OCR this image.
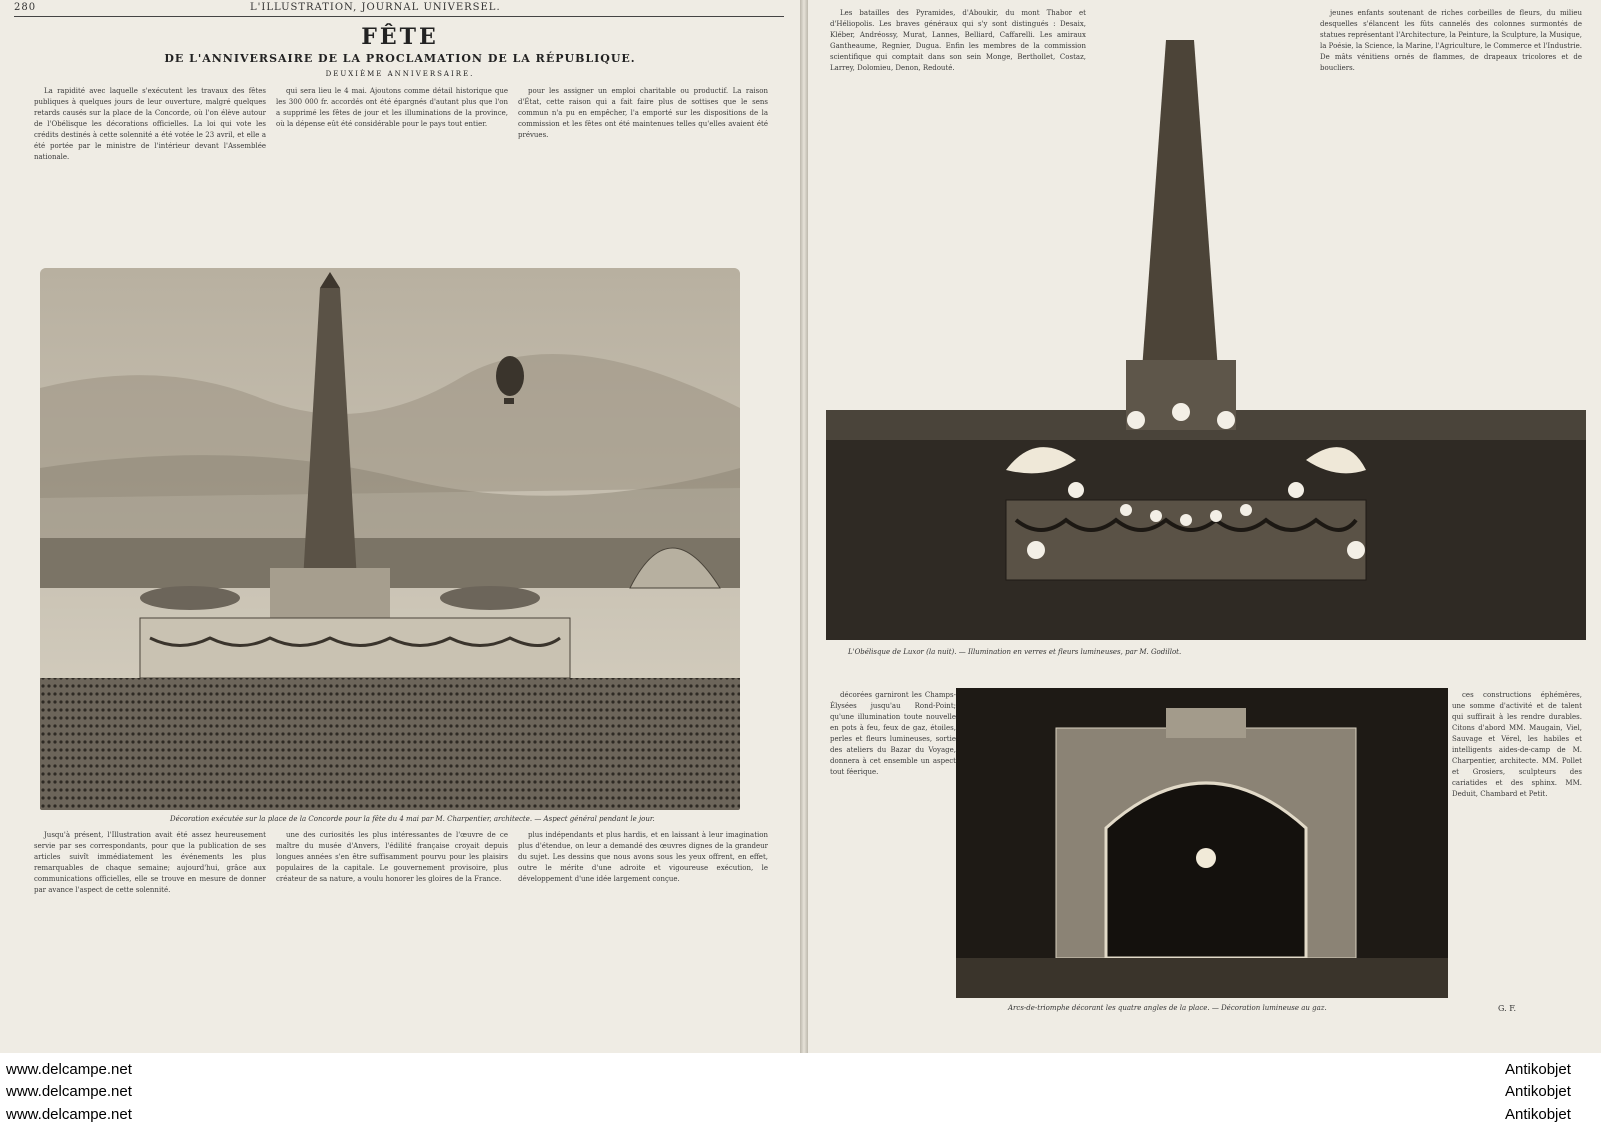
280	L'ILLUSTRATION, JOURNAL UNIVERSEL.
FÊTE
DE L'ANNIVERSAIRE DE LA PROCLAMATION DE LA RÉPUBLIQUE.
DEUXIÈME ANNIVERSAIRE.

La rapidité avec laquelle s'exécutent les travaux des fêtes publiques à quelques jours de leur ouverture, malgré quelques retards causés sur la place de la Concorde, où l'on élève autour de l'Obélisque les décorations officielles. La loi qui vote les crédits destinés à cette solennité a été votée le 23 avril, et elle a été portée par le ministre de l'intérieur devant l'Assemblée nationale.

qui sera lieu le 4 mai. Ajoutons comme détail historique que les 300 000 fr. accordés ont été épargnés d'autant plus que l'on a supprimé les fêtes de jour et les illuminations de la province, où la dépense eût été considérable pour le pays tout entier.

pour les assigner un emploi charitable ou productif. La raison d'État, cette raison qui a fait faire plus de sottises que le sens commun n'a pu en empêcher, l'a emporté sur les dispositions de la commission et les fêtes ont été maintenues telles qu'elles avaient été prévues.

Décoration exécutée sur la place de la Concorde pour la fête du 4 mai par M. Charpentier, architecte. — Aspect général pendant le jour.

Jusqu'à présent, l'Illustration avait été assez heureusement servie par ses correspondants, pour que la publication de ses articles suivît immédiatement les événements les plus remarquables de chaque semaine; aujourd'hui, grâce aux communications officielles, elle se trouve en mesure de donner par avance l'aspect de cette solennité.

une des curiosités les plus intéressantes de l'œuvre de ce maître du musée d'Anvers, l'édilité française croyait depuis longues années s'en être suffisamment pourvu pour les plaisirs populaires de la capitale. Le gouvernement provisoire, plus créateur de sa nature, a voulu honorer les gloires de la France.

plus indépendants et plus hardis, et en laissant à leur imagination plus d'étendue, on leur a demandé des œuvres dignes de la grandeur du sujet. Les dessins que nous avons sous les yeux offrent, en effet, outre le mérite d'une adroite et vigoureuse exécution, le développement d'une idée largement conçue.

Les batailles des Pyramides, d'Aboukir, du mont Thabor et d'Héliopolis. Les braves généraux qui s'y sont distingués : Desaix, Kléber, Andréossy, Murat, Lannes, Belliard, Caffarelli. Les amiraux Gantheaume, Regnier, Dugua. Enfin les membres de la commission scientifique qui comptait dans son sein Monge, Berthollet, Costaz, Larrey, Dolomieu, Denon, Redouté.

jeunes enfants soutenant de riches corbeilles de fleurs, du milieu desquelles s'élancent les fûts cannelés des colonnes surmontés de statues représentant l'Architecture, la Peinture, la Sculpture, la Musique, la Poésie, la Science, la Marine, l'Agriculture, le Commerce et l'Industrie. De mâts vénitiens ornés de flammes, de drapeaux tricolores et de boucliers.

L'Obélisque de Luxor (la nuit). — Illumination en verres et fleurs lumineuses, par M. Godillot.

décorées garniront les Champs-Élysées jusqu'au Rond-Point; qu'une illumination toute nouvelle en pots à feu, feux de gaz, étoiles, perles et fleurs lumineuses, sortie des ateliers du Bazar du Voyage, donnera à cet ensemble un aspect tout féerique.

Arcs-de-triomphe décorant les quatre angles de la place. — Décoration lumineuse au gaz.	G. F.

ces constructions éphémères, une somme d'activité et de talent qui suffirait à les rendre durables. Citons d'abord MM. Maugain, Viel, Sauvage et Vérel, les habiles et intelligents aides-de-camp de M. Charpentier, architecte. MM. Pollet et Grosiers, sculpteurs des cariatides et des sphinx. MM. Deduit, Chambard et Petit.

www.delcampe.net
www.delcampe.net
www.delcampe.net
Antikobjet
Antikobjet
Antikobjet
